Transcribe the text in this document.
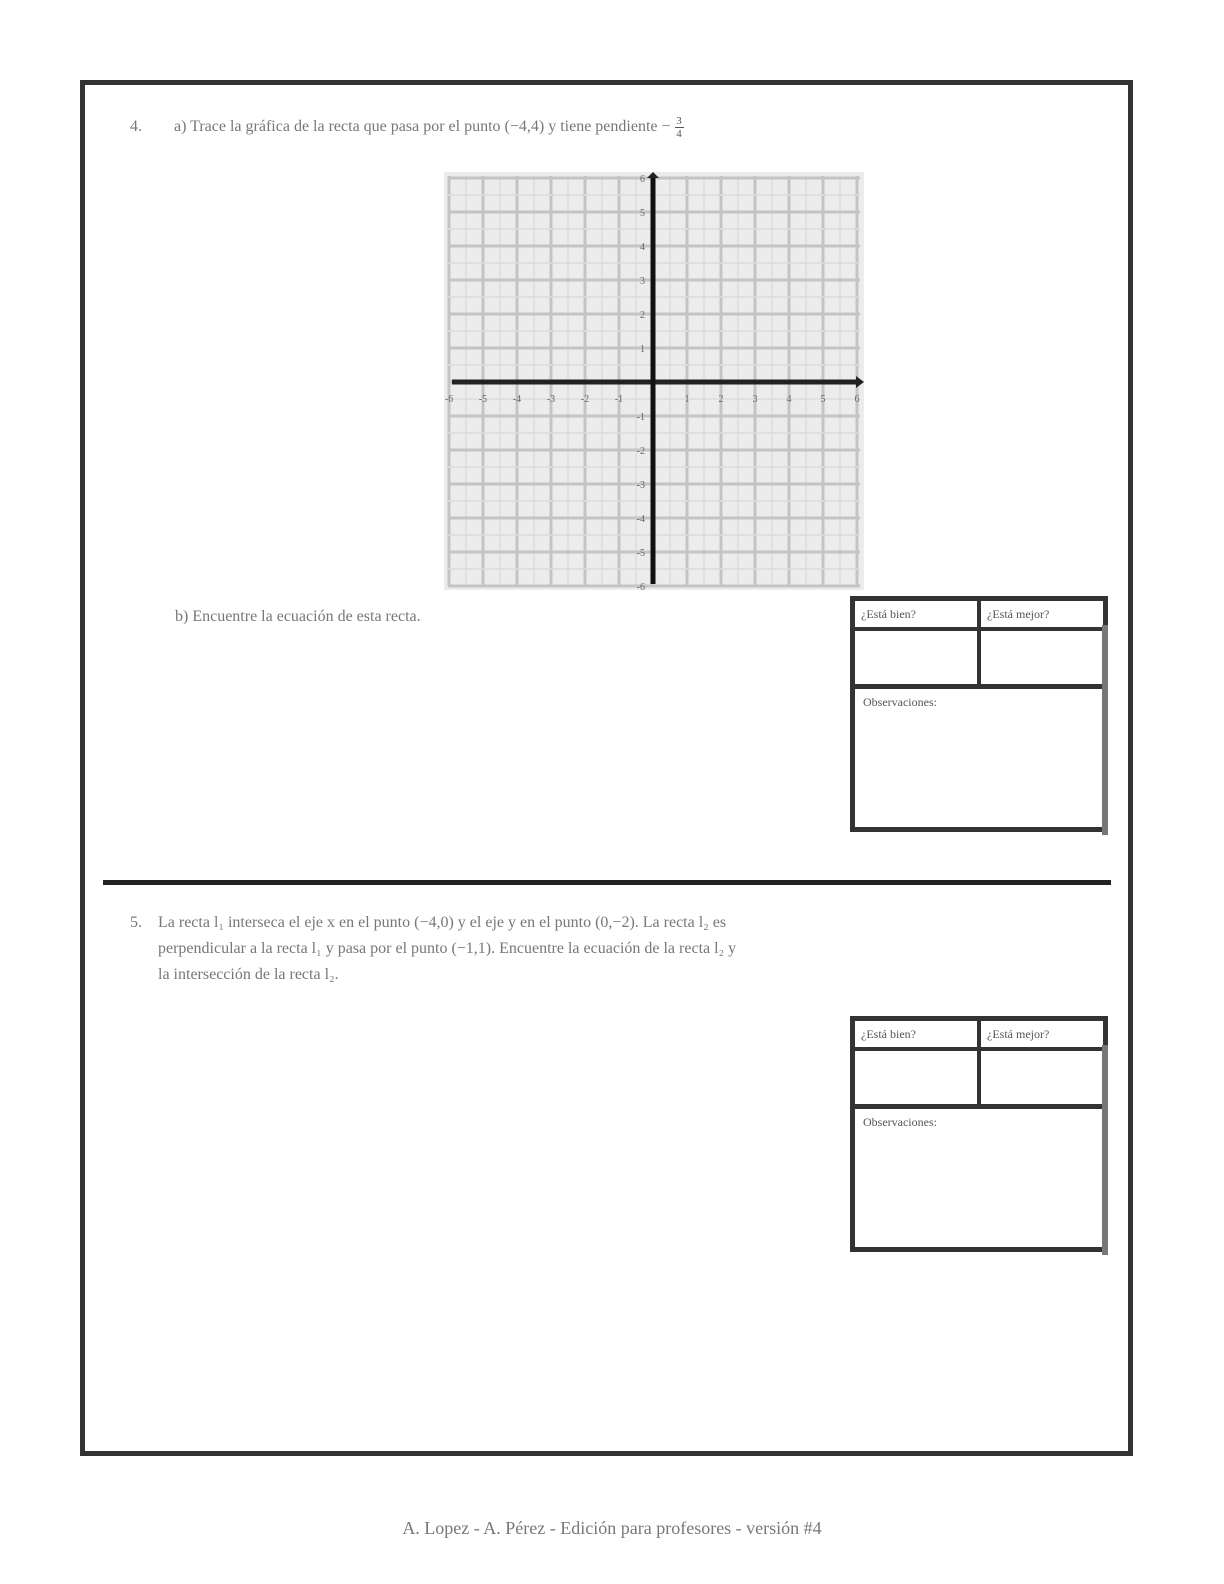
4. a) Trace la gráfica de la recta que pasa por el punto (−4,4) y tiene pendiente − $\frac{3}{4}$
-6	-5	-4	-3	-2	-1	1	2	3	4	5	6
6
5
4
3
2
1
-1
-2
-3
-4
-5
-6
b) Encuentre la ecuación de esta recta.	¿Está bien?	¿Está mejor?
Observaciones:
5. La recta l₁ interseca el eje x en el punto (−4,0) y el eje y en el punto (0,−2). La recta l₂ es
perpendicular a la recta l₁ y pasa por el punto (−1,1). Encuentre la ecuación de la recta l₂ y
la intersección de la recta l₂.
¿Está bien?	¿Está mejor?
Observaciones:
A. Lopez - A. Pérez - Edición para profesores - versión #4
